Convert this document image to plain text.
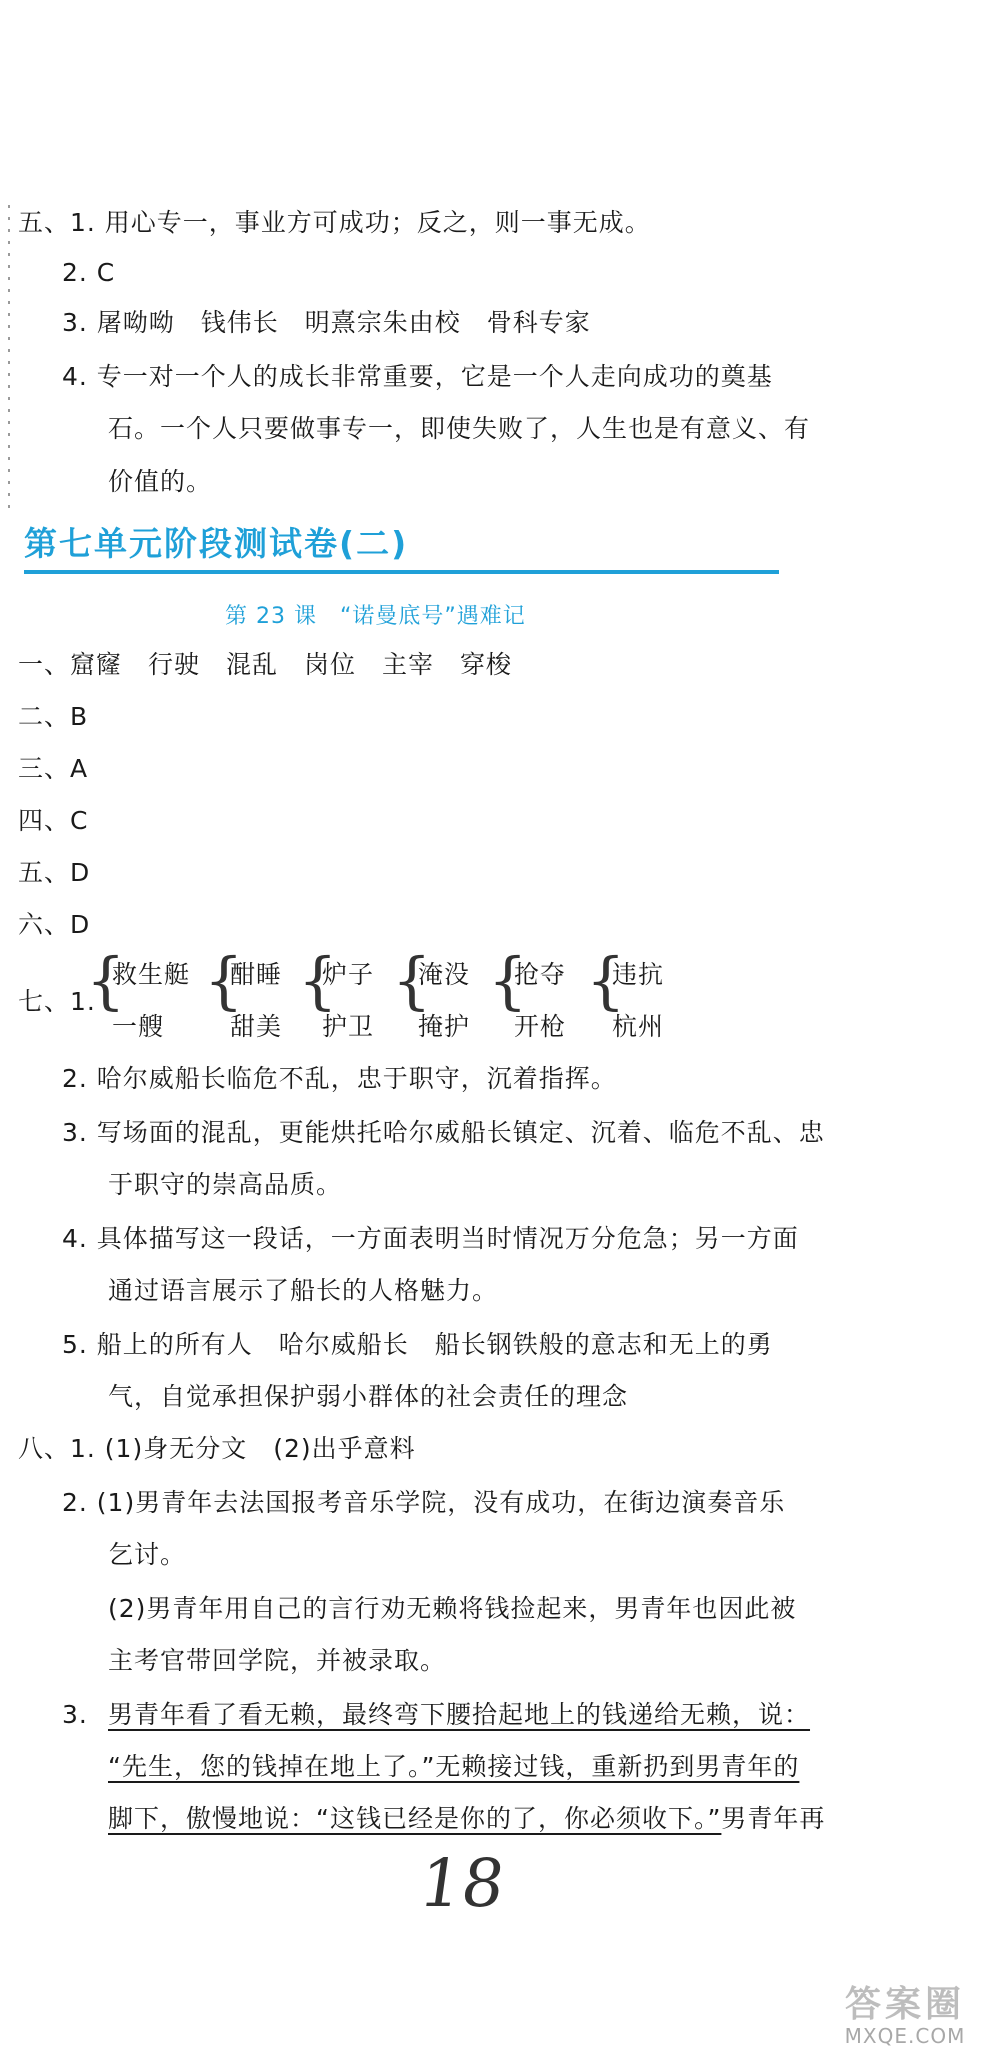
五、1. 用心专一，事业方可成功；反之，则一事无成。
2. C
3. 屠呦呦　钱伟长　明熹宗朱由校　骨科专家
4. 专一对一个人的成长非常重要，它是一个人走向成功的奠基
石。一个人只要做事专一，即使失败了，人生也是有意义、有
价值的。
第七单元阶段测试卷(二)
第 23 课　“诺曼底号”遇难记
一、窟窿　行驶　混乱　岗位　主宰　穿梭
二、B
三、A
四、C
五、D
六、D
七、1.
{
救生艇
一艘
{
酣睡
甜美
{
炉子
护卫
{
淹没
掩护
{
抢夺
开枪
{
违抗
杭州
2. 哈尔威船长临危不乱，忠于职守，沉着指挥。
3. 写场面的混乱，更能烘托哈尔威船长镇定、沉着、临危不乱、忠
于职守的崇高品质。
4. 具体描写这一段话，一方面表明当时情况万分危急；另一方面
通过语言展示了船长的人格魅力。
5. 船上的所有人　哈尔威船长　船长钢铁般的意志和无上的勇
气，自觉承担保护弱小群体的社会责任的理念
八、1. (1)身无分文　(2)出乎意料
2. (1)男青年去法国报考音乐学院，没有成功，在街边演奏音乐
乞讨。
(2)男青年用自己的言行劝无赖将钱捡起来，男青年也因此被
主考官带回学院，并被录取。
3. 男青年看了看无赖，最终弯下腰拾起地上的钱递给无赖，说：
“先生，您的钱掉在地上了。”无赖接过钱，重新扔到男青年的
脚下，傲慢地说：“这钱已经是你的了，你必须收下。”男青年再
18
答案圈
MXQE.COM
